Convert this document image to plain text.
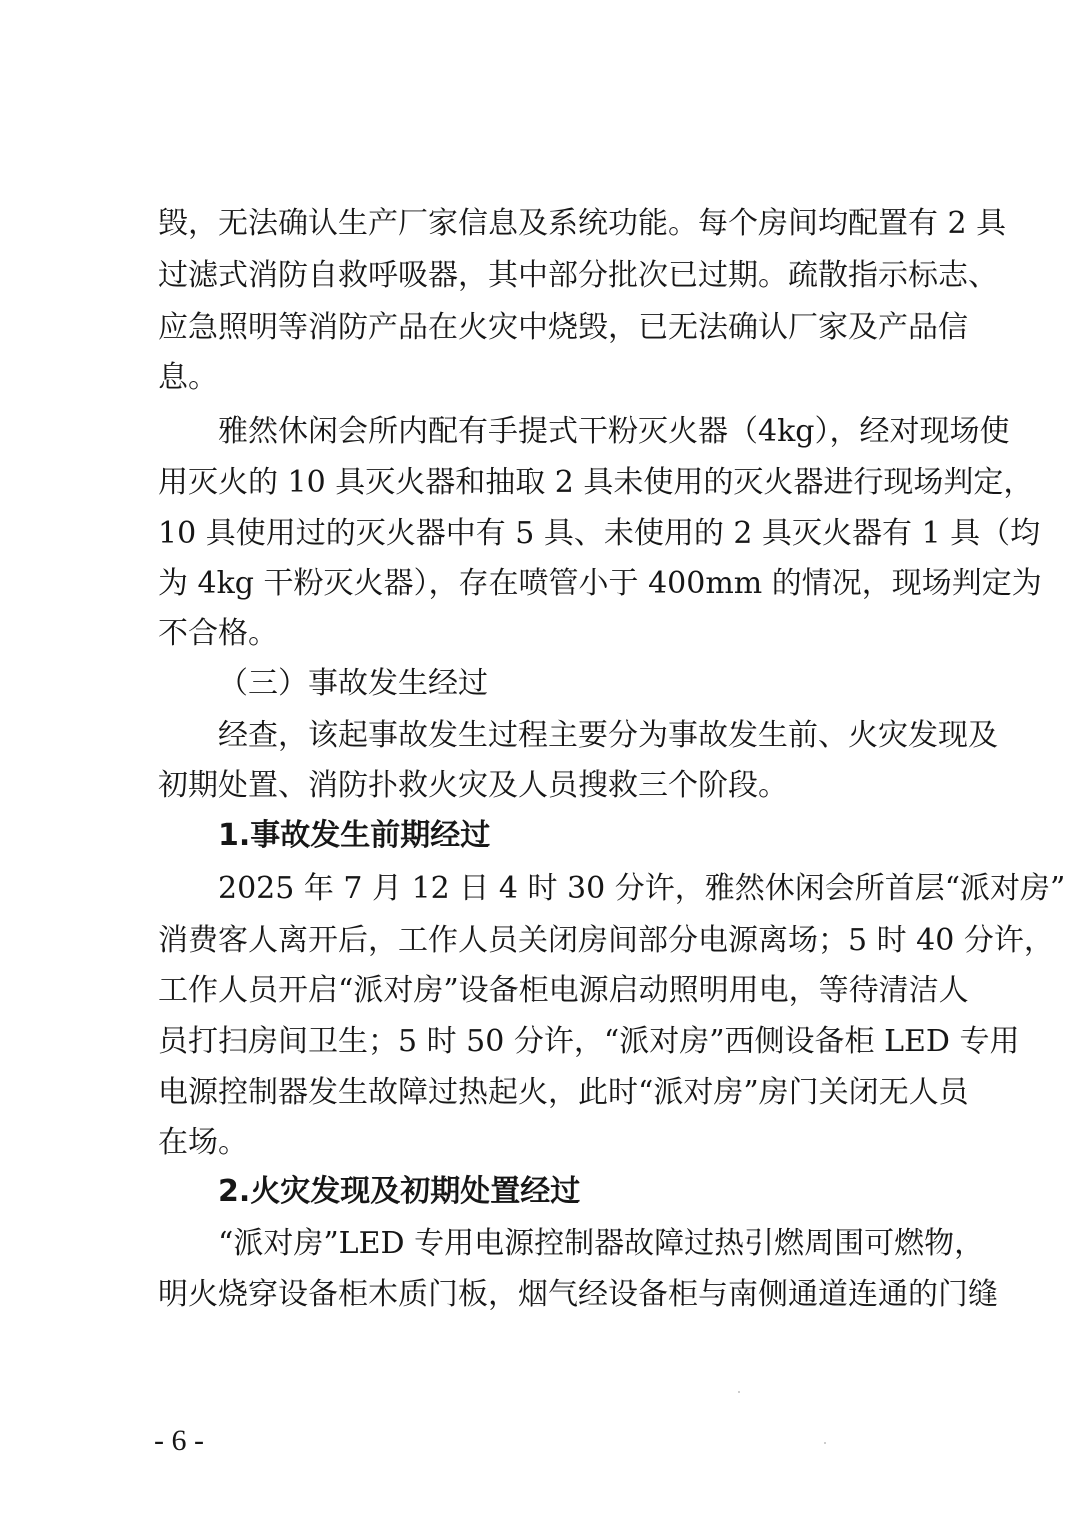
毁，无法确认生产厂家信息及系统功能。每个房间均配置有 2 具
过滤式消防自救呼吸器，其中部分批次已过期。疏散指示标志、
应急照明等消防产品在火灾中烧毁，已无法确认厂家及产品信
息。
雅然休闲会所内配有手提式干粉灭火器（4kg），经对现场使
用灭火的 10 具灭火器和抽取 2 具未使用的灭火器进行现场判定，
10 具使用过的灭火器中有 5 具、未使用的 2 具灭火器有 1 具（均
为 4kg 干粉灭火器），存在喷管小于 400mm 的情况，现场判定为
不合格。
（三）事故发生经过
经查，该起事故发生过程主要分为事故发生前、火灾发现及
初期处置、消防扑救火灾及人员搜救三个阶段。
1.事故发生前期经过
2025 年 7 月 12 日 4 时 30 分许，雅然休闲会所首层“派对房”
消费客人离开后，工作人员关闭房间部分电源离场；5 时 40 分许，
工作人员开启“派对房”设备柜电源启动照明用电，等待清洁人
员打扫房间卫生；5 时 50 分许，“派对房”西侧设备柜 LED 专用
电源控制器发生故障过热起火，此时“派对房”房门关闭无人员
在场。
2.火灾发现及初期处置经过
“派对房”LED 专用电源控制器故障过热引燃周围可燃物，
明火烧穿设备柜木质门板，烟气经设备柜与南侧通道连通的门缝
- 6 -
